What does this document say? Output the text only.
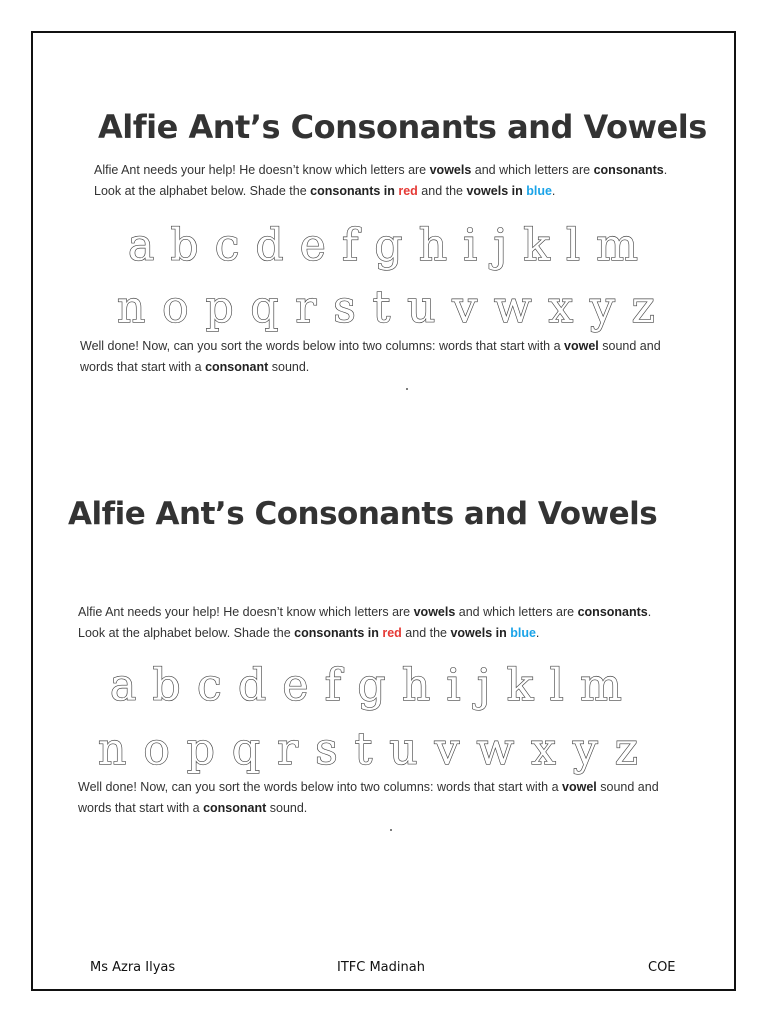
Alfie Ant’s Consonants and Vowels
Alfie Ant needs your help! He doesn’t know which letters are vowels and which letters are consonants. Look at the alphabet below. Shade the consonants in red and the vowels in blue.
a b c d e f g h i j k l m
n o p q r s t u v w x y z
Well done! Now, can you sort the words below into two columns: words that start with a vowel sound and words that start with a consonant sound.
Alfie Ant’s Consonants and Vowels
Alfie Ant needs your help! He doesn’t know which letters are vowels and which letters are consonants. Look at the alphabet below. Shade the consonants in red and the vowels in blue.
a b c d e f g h i j k l m
n o p q r s t u v w x y z
Well done! Now, can you sort the words below into two columns: words that start with a vowel sound and words that start with a consonant sound.
Ms Azra Ilyas	ITFC Madinah	COE
